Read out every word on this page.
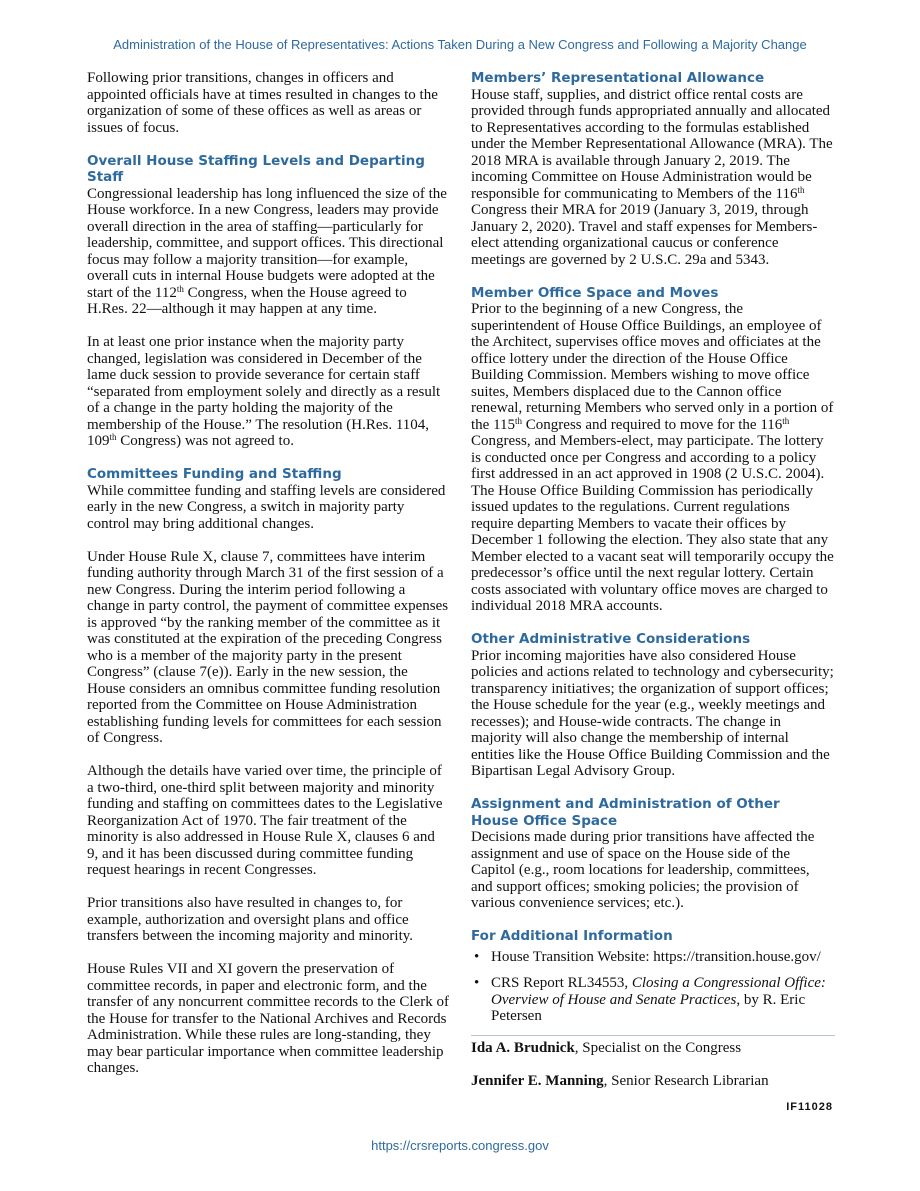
Administration of the House of Representatives: Actions Taken During a New Congress and Following a Majority Change

Following prior transitions, changes in officers and appointed officials have at times resulted in changes to the organization of some of these offices as well as areas or issues of focus.

Overall House Staffing Levels and Departing Staff

Congressional leadership has long influenced the size of the House workforce. In a new Congress, leaders may provide overall direction in the area of staffing—particularly for leadership, committee, and support offices. This directional focus may follow a majority transition—for example, overall cuts in internal House budgets were adopted at the start of the 112th Congress, when the House agreed to H.Res. 22—although it may happen at any time.

In at least one prior instance when the majority party changed, legislation was considered in December of the lame duck session to provide severance for certain staff “separated from employment solely and directly as a result of a change in the party holding the majority of the membership of the House.” The resolution (H.Res. 1104, 109th Congress) was not agreed to.

Committees Funding and Staffing

While committee funding and staffing levels are considered early in the new Congress, a switch in majority party control may bring additional changes.

Under House Rule X, clause 7, committees have interim funding authority through March 31 of the first session of a new Congress. During the interim period following a change in party control, the payment of committee expenses is approved “by the ranking member of the committee as it was constituted at the expiration of the preceding Congress who is a member of the majority party in the present Congress” (clause 7(e)). Early in the new session, the House considers an omnibus committee funding resolution reported from the Committee on House Administration establishing funding levels for committees for each session of Congress.

Although the details have varied over time, the principle of a two-third, one-third split between majority and minority funding and staffing on committees dates to the Legislative Reorganization Act of 1970. The fair treatment of the minority is also addressed in House Rule X, clauses 6 and 9, and it has been discussed during committee funding request hearings in recent Congresses.

Prior transitions also have resulted in changes to, for example, authorization and oversight plans and office transfers between the incoming majority and minority.

House Rules VII and XI govern the preservation of committee records, in paper and electronic form, and the transfer of any noncurrent committee records to the Clerk of the House for transfer to the National Archives and Records Administration. While these rules are long-standing, they may bear particular importance when committee leadership changes.

Members’ Representational Allowance

House staff, supplies, and district office rental costs are provided through funds appropriated annually and allocated to Representatives according to the formulas established under the Member Representational Allowance (MRA). The 2018 MRA is available through January 2, 2019. The incoming Committee on House Administration would be responsible for communicating to Members of the 116th Congress their MRA for 2019 (January 3, 2019, through January 2, 2020). Travel and staff expenses for Members-elect attending organizational caucus or conference meetings are governed by 2 U.S.C. 29a and 5343.

Member Office Space and Moves

Prior to the beginning of a new Congress, the superintendent of House Office Buildings, an employee of the Architect, supervises office moves and officiates at the office lottery under the direction of the House Office Building Commission. Members wishing to move office suites, Members displaced due to the Cannon office renewal, returning Members who served only in a portion of the 115th Congress and required to move for the 116th Congress, and Members-elect, may participate. The lottery is conducted once per Congress and according to a policy first addressed in an act approved in 1908 (2 U.S.C. 2004). The House Office Building Commission has periodically issued updates to the regulations. Current regulations require departing Members to vacate their offices by December 1 following the election. They also state that any Member elected to a vacant seat will temporarily occupy the predecessor’s office until the next regular lottery. Certain costs associated with voluntary office moves are charged to individual 2018 MRA accounts.

Other Administrative Considerations

Prior incoming majorities have also considered House policies and actions related to technology and cybersecurity; transparency initiatives; the organization of support offices; the House schedule for the year (e.g., weekly meetings and recesses); and House-wide contracts. The change in majority will also change the membership of internal entities like the House Office Building Commission and the Bipartisan Legal Advisory Group.

Assignment and Administration of Other
House Office Space

Decisions made during prior transitions have affected the assignment and use of space on the House side of the Capitol (e.g., room locations for leadership, committees, and support offices; smoking policies; the provision of various convenience services; etc.).

For Additional Information
• House Transition Website: https://transition.house.gov/
• CRS Report RL34553, Closing a Congressional Office: Overview of House and Senate Practices, by R. Eric Petersen

Ida A. Brudnick, Specialist on the Congress

Jennifer E. Manning, Senior Research Librarian

IF11028
https://crsreports.congress.gov
